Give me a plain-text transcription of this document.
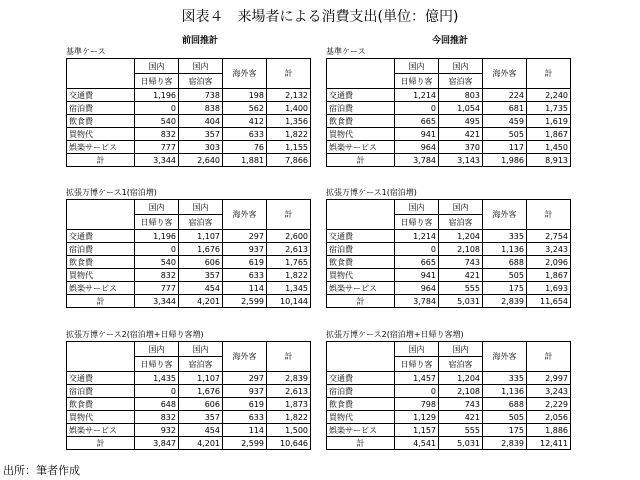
図表４　来場者による消費支出(単位：億円)
前回推計	今回推計
基準ケース
	国内	国内	海外客	計
	日帰り客	宿泊客		
交通費	1,196	738	198	2,132
宿泊費	0	838	562	1,400
飲食費	540	404	412	1,356
買物代	832	357	633	1,822
娯楽サービス	777	303	76	1,155
計	3,344	2,640	1,881	7,866
基準ケース
	国内	国内	海外客	計
	日帰り客	宿泊客		
交通費	1,214	803	224	2,240
宿泊費	0	1,054	681	1,735
飲食費	665	495	459	1,619
買物代	941	421	505	1,867
娯楽サービス	964	370	117	1,450
計	3,784	3,143	1,986	8,913
拡張万博ケース1(宿泊増)
	国内	国内	海外客	計
	日帰り客	宿泊客		
交通費	1,196	1,107	297	2,600
宿泊費	0	1,676	937	2,613
飲食費	540	606	619	1,765
買物代	832	357	633	1,822
娯楽サービス	777	454	114	1,345
計	3,344	4,201	2,599	10,144
拡張万博ケース1(宿泊増)
	国内	国内	海外客	計
	日帰り客	宿泊客		
交通費	1,214	1,204	335	2,754
宿泊費	0	2,108	1,136	3,243
飲食費	665	743	688	2,096
買物代	941	421	505	1,867
娯楽サービス	964	555	175	1,693
計	3,784	5,031	2,839	11,654
拡張万博ケース2(宿泊増+日帰り客増)
	国内	国内	海外客	計
	日帰り客	宿泊客		
交通費	1,435	1,107	297	2,839
宿泊費	0	1,676	937	2,613
飲食費	648	606	619	1,873
買物代	832	357	633	1,822
娯楽サービス	932	454	114	1,500
計	3,847	4,201	2,599	10,646
拡張万博ケース2(宿泊増+日帰り客増)
	国内	国内	海外客	計
	日帰り客	宿泊客		
交通費	1,457	1,204	335	2,997
宿泊費	0	2,108	1,136	3,243
飲食費	798	743	688	2,229
買物代	1,129	421	505	2,056
娯楽サービス	1,157	555	175	1,886
計	4,541	5,031	2,839	12,411
出所：筆者作成
